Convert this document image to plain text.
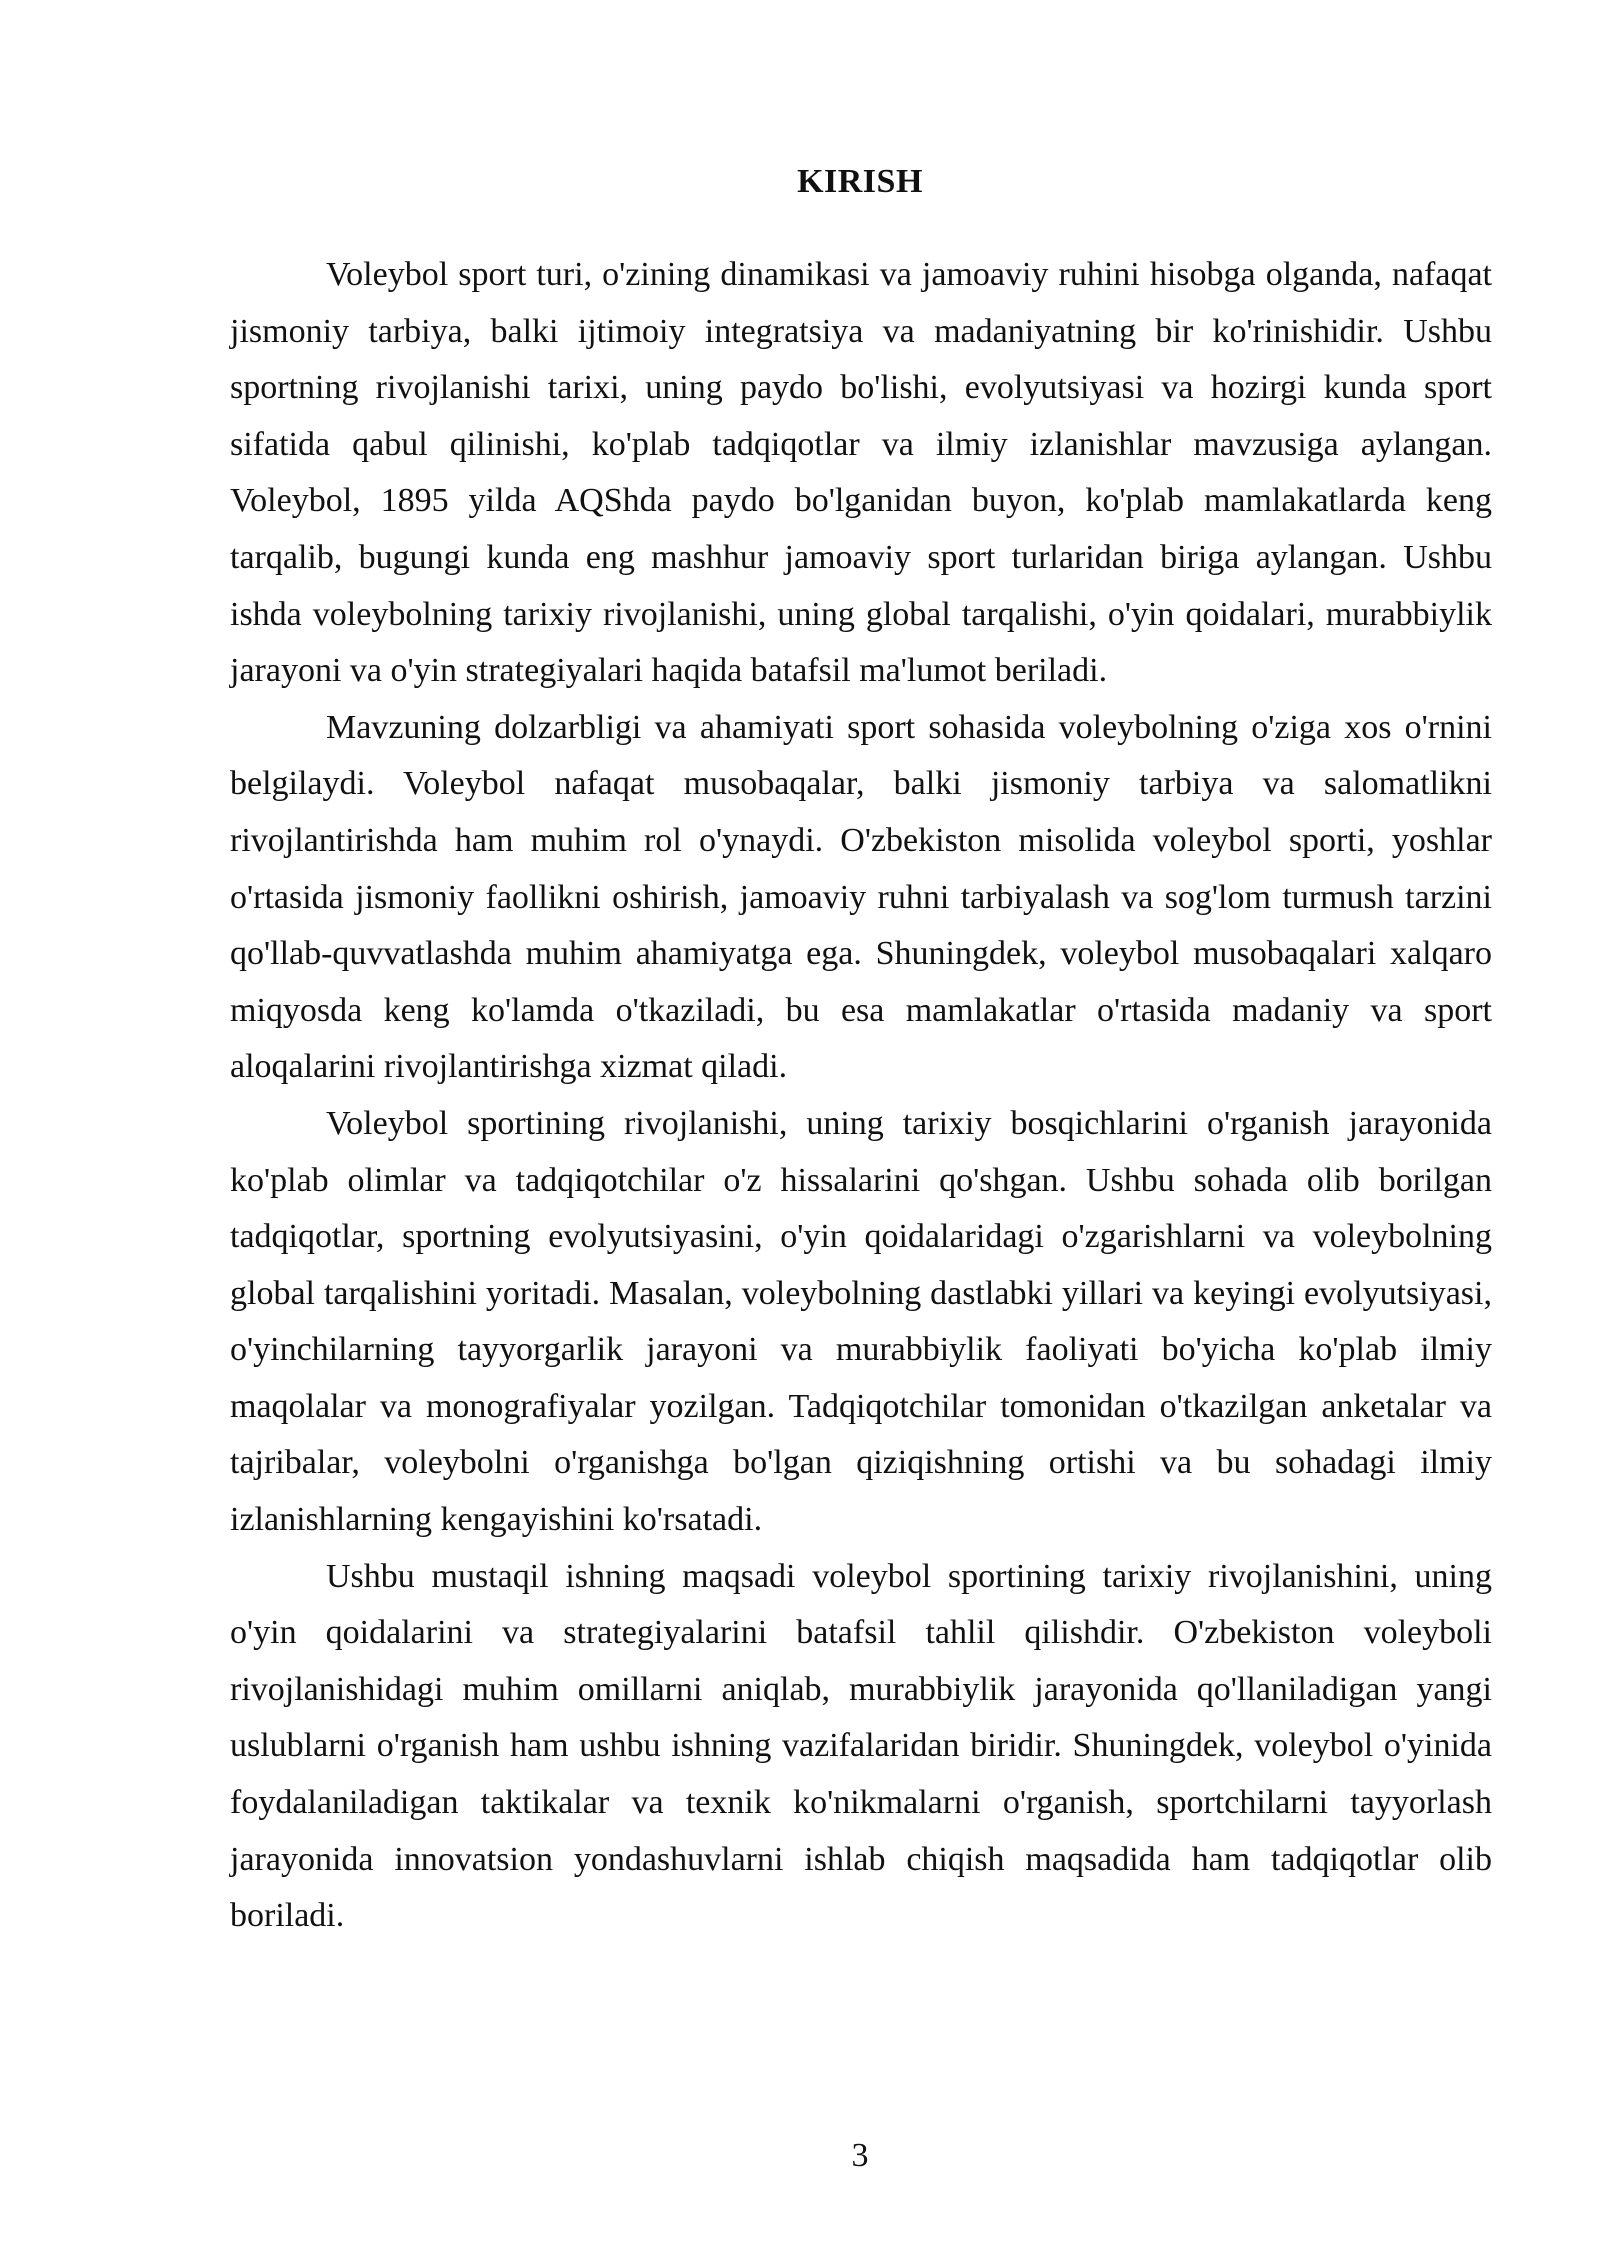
KIRISH

Voleybol sport turi, o'zining dinamikasi va jamoaviy ruhini hisobga olganda, nafaqat jismoniy tarbiya, balki ijtimoiy integratsiya va madaniyatning bir ko'rinishidir. Ushbu sportning rivojlanishi tarixi, uning paydo bo'lishi, evolyutsiyasi va hozirgi kunda sport sifatida qabul qilinishi, ko'plab tadqiqotlar va ilmiy izlanishlar mavzusiga aylangan. Voleybol, 1895 yilda AQShda paydo bo'lganidan buyon, ko'plab mamlakatlarda keng tarqalib, bugungi kunda eng mashhur jamoaviy sport turlaridan biriga aylangan. Ushbu ishda voleybolning tarixiy rivojlanishi, uning global tarqalishi, o'yin qoidalari, murabbiylik jarayoni va o'yin strategiyalari haqida batafsil ma'lumot beriladi.

Mavzuning dolzarbligi va ahamiyati sport sohasida voleybolning o'ziga xos o'rnini belgilaydi. Voleybol nafaqat musobaqalar, balki jismoniy tarbiya va salomatlikni rivojlantirishda ham muhim rol o'ynaydi. O'zbekiston misolida voleybol sporti, yoshlar o'rtasida jismoniy faollikni oshirish, jamoaviy ruhni tarbiyalash va sog'lom turmush tarzini qo'llab-quvvatlashda muhim ahamiyatga ega. Shuningdek, voleybol musobaqalari xalqaro miqyosda keng ko'lamda o'tkaziladi, bu esa mamlakatlar o'rtasida madaniy va sport aloqalarini rivojlantirishga xizmat qiladi.

Voleybol sportining rivojlanishi, uning tarixiy bosqichlarini o'rganish jarayonida ko'plab olimlar va tadqiqotchilar o'z hissalarini qo'shgan. Ushbu sohada olib borilgan tadqiqotlar, sportning evolyutsiyasini, o'yin qoidalaridagi o'zgarishlarni va voleybolning global tarqalishini yoritadi. Masalan, voleybolning dastlabki yillari va keyingi evolyutsiyasi, o'yinchilarning tayyorgarlik jarayoni va murabbiylik faoliyati bo'yicha ko'plab ilmiy maqolalar va monografiyalar yozilgan. Tadqiqotchilar tomonidan o'tkazilgan anketalar va tajribalar, voleybolni o'rganishga bo'lgan qiziqishning ortishi va bu sohadagi ilmiy izlanishlarning kengayishini ko'rsatadi.

Ushbu mustaqil ishning maqsadi voleybol sportining tarixiy rivojlanishini, uning o'yin qoidalarini va strategiyalarini batafsil tahlil qilishdir. O'zbekiston voleyboli rivojlanishidagi muhim omillarni aniqlab, murabbiylik jarayonida qo'llaniladigan yangi uslublarni o'rganish ham ushbu ishning vazifalaridan biridir. Shuningdek, voleybol o'yinida foydalaniladigan taktikalar va texnik ko'nikmalarni o'rganish, sportchilarni tayyorlash jarayonida innovatsion yondashuvlarni ishlab chiqish maqsadida ham tadqiqotlar olib boriladi.

3
